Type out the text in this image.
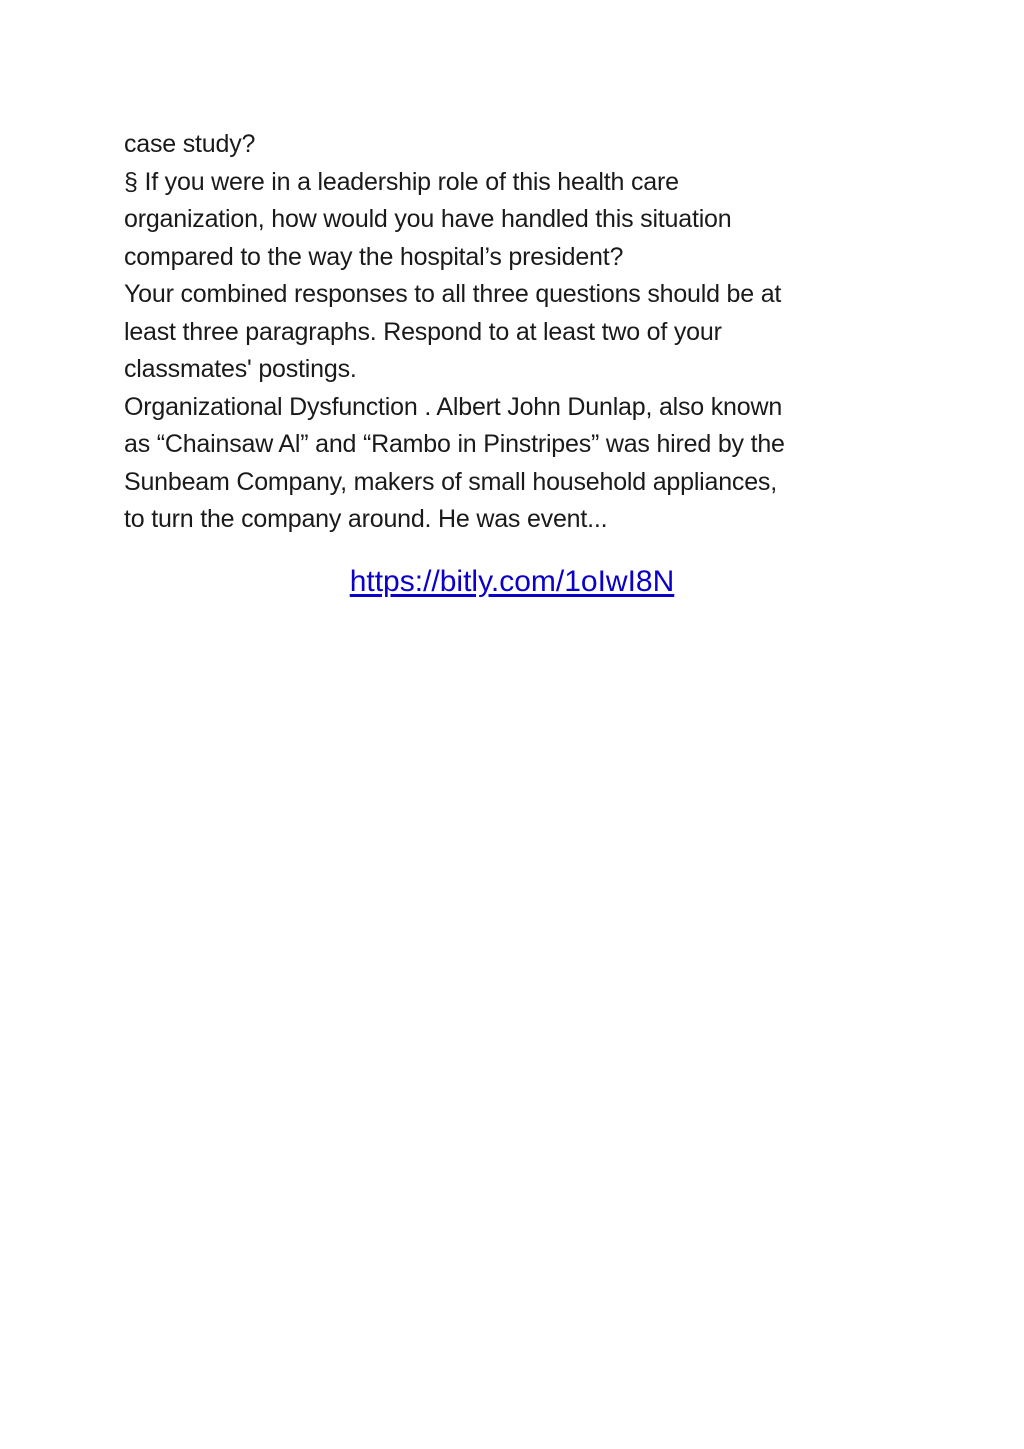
case study?
§ If you were in a leadership role of this health care
organization, how would you have handled this situation
compared to the way the hospital’s president?
Your combined responses to all three questions should be at
least three paragraphs. Respond to at least two of your
classmates' postings.
Organizational Dysfunction . Albert John Dunlap, also known
as “Chainsaw Al” and “Rambo in Pinstripes” was hired by the
Sunbeam Company, makers of small household appliances,
to turn the company around. He was event...
https://bitly.com/1oIwI8N
